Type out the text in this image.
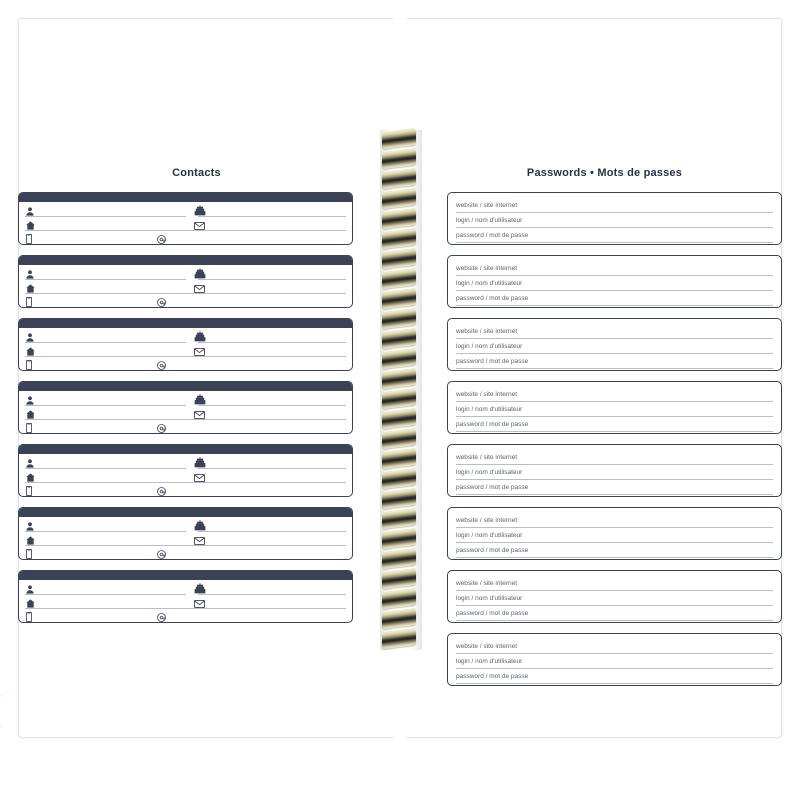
Contacts	Passwords • Mots de passes
website / site internet
login / nom d'utilisateur
password / mot de passe
website / site internet
login / nom d'utilisateur
password / mot de passe
website / site internet
login / nom d'utilisateur
password / mot de passe
website / site internet
login / nom d'utilisateur
password / mot de passe
website / site internet
login / nom d'utilisateur
password / mot de passe
website / site internet
login / nom d'utilisateur
password / mot de passe
website / site internet
login / nom d'utilisateur
password / mot de passe
website / site internet
login / nom d'utilisateur
password / mot de passe
